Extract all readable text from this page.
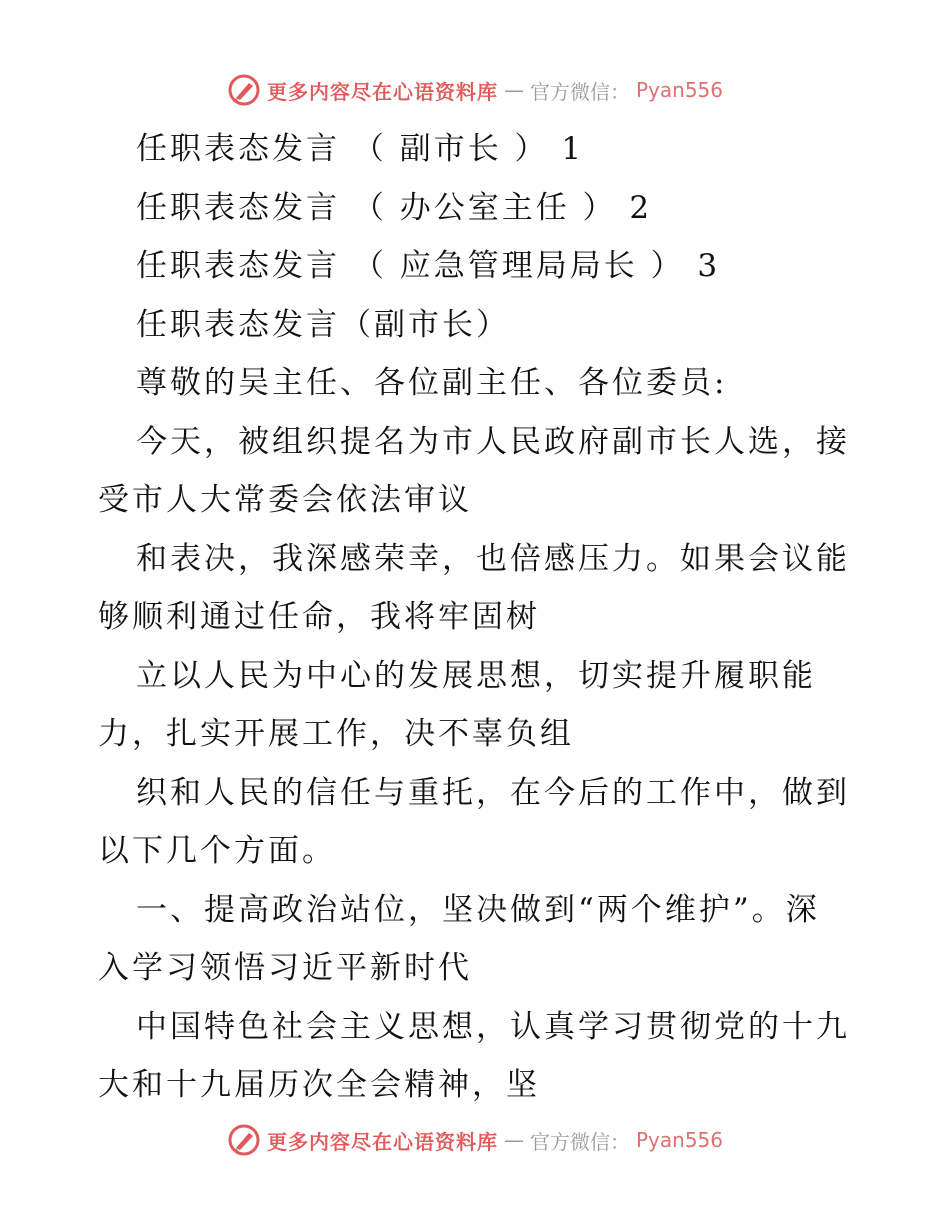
更多内容尽在心语资料库 — 官方微信： Pyan556
任职表态发言 （ 副市长 ） 1
任职表态发言 （ 办公室主任 ） 2
任职表态发言 （ 应急管理局局长 ） 3
任职表态发言（副市长）
尊敬的吴主任、各位副主任、各位委员:
今天，被组织提名为市人民政府副市长人选，接
受市人大常委会依法审议
和表决，我深感荣幸，也倍感压力。如果会议能
够顺利通过任命，我将牢固树
立以人民为中心的发展思想，切实提升履职能
力，扎实开展工作，决不辜负组
织和人民的信任与重托，在今后的工作中，做到
以下几个方面。
一、提高政治站位，坚决做到“两个维护”。深
入学习领悟习近平新时代
中国特色社会主义思想，认真学习贯彻党的十九
大和十九届历次全会精神，坚
更多内容尽在心语资料库 — 官方微信： Pyan556
